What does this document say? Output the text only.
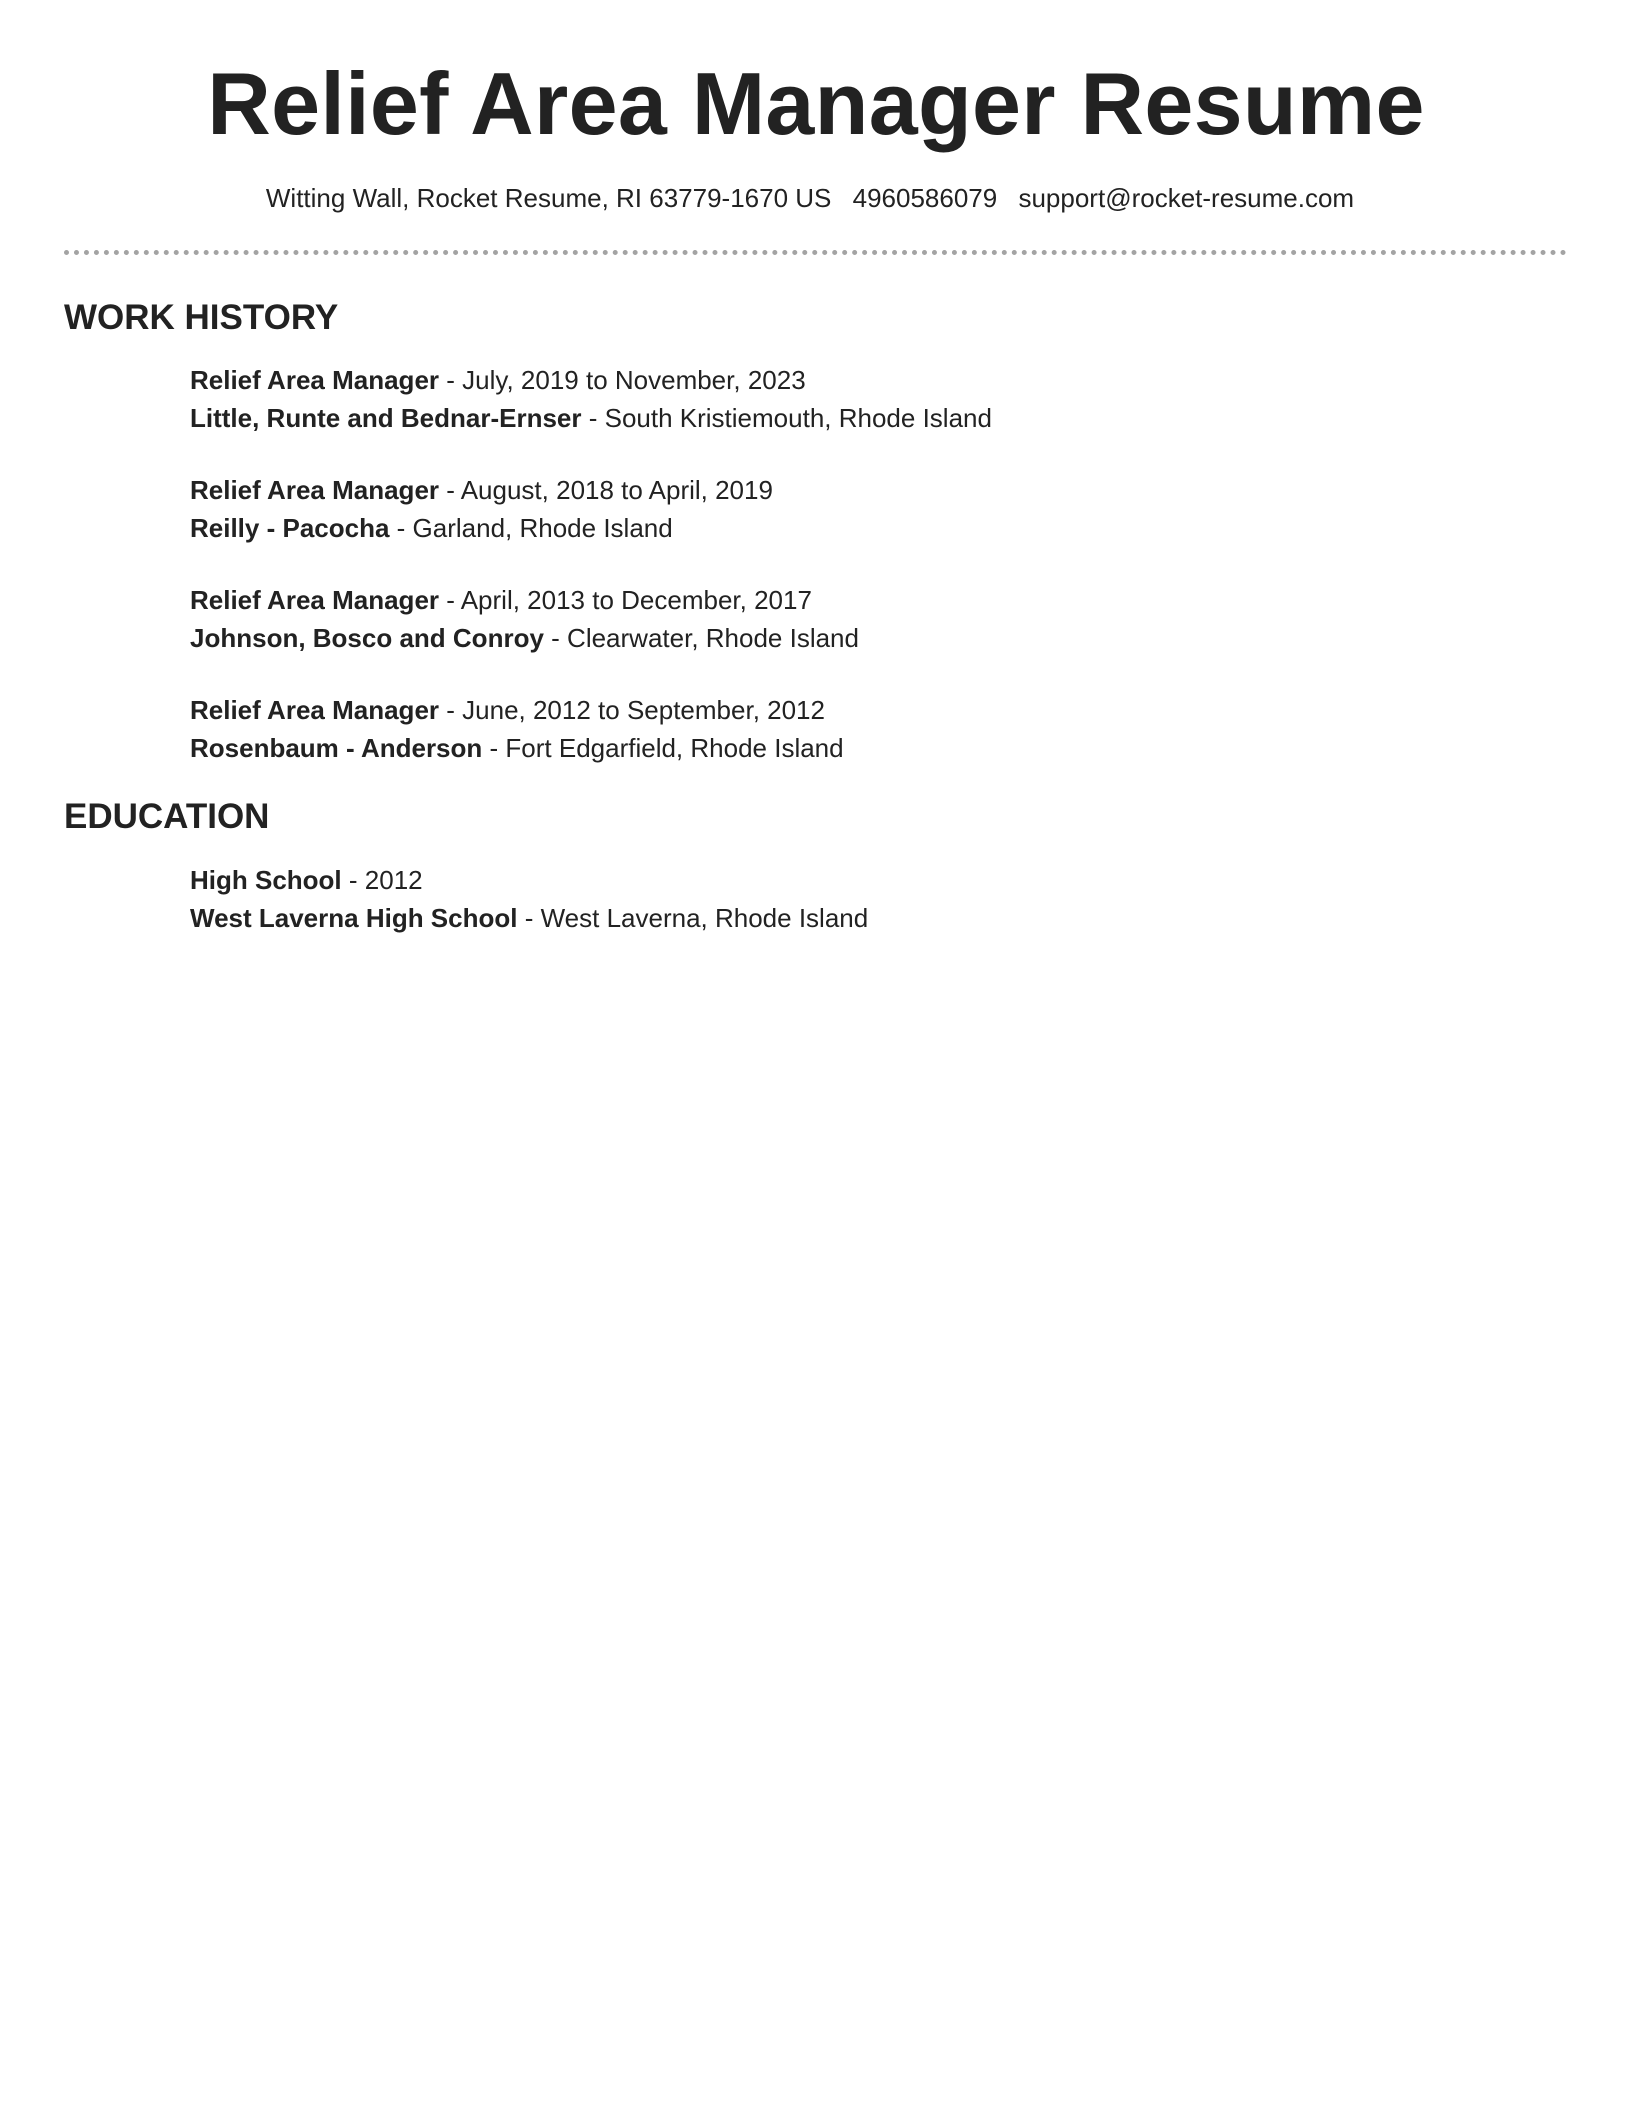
Relief Area Manager Resume
Witting Wall, Rocket Resume, RI 63779-1670 US 4960586079 support@rocket-resume.com
WORK HISTORY
Relief Area Manager - July, 2019 to November, 2023
Little, Runte and Bednar-Ernser - South Kristiemouth, Rhode Island
Relief Area Manager - August, 2018 to April, 2019
Reilly - Pacocha - Garland, Rhode Island
Relief Area Manager - April, 2013 to December, 2017
Johnson, Bosco and Conroy - Clearwater, Rhode Island
Relief Area Manager - June, 2012 to September, 2012
Rosenbaum - Anderson - Fort Edgarfield, Rhode Island
EDUCATION
High School - 2012
West Laverna High School - West Laverna, Rhode Island
